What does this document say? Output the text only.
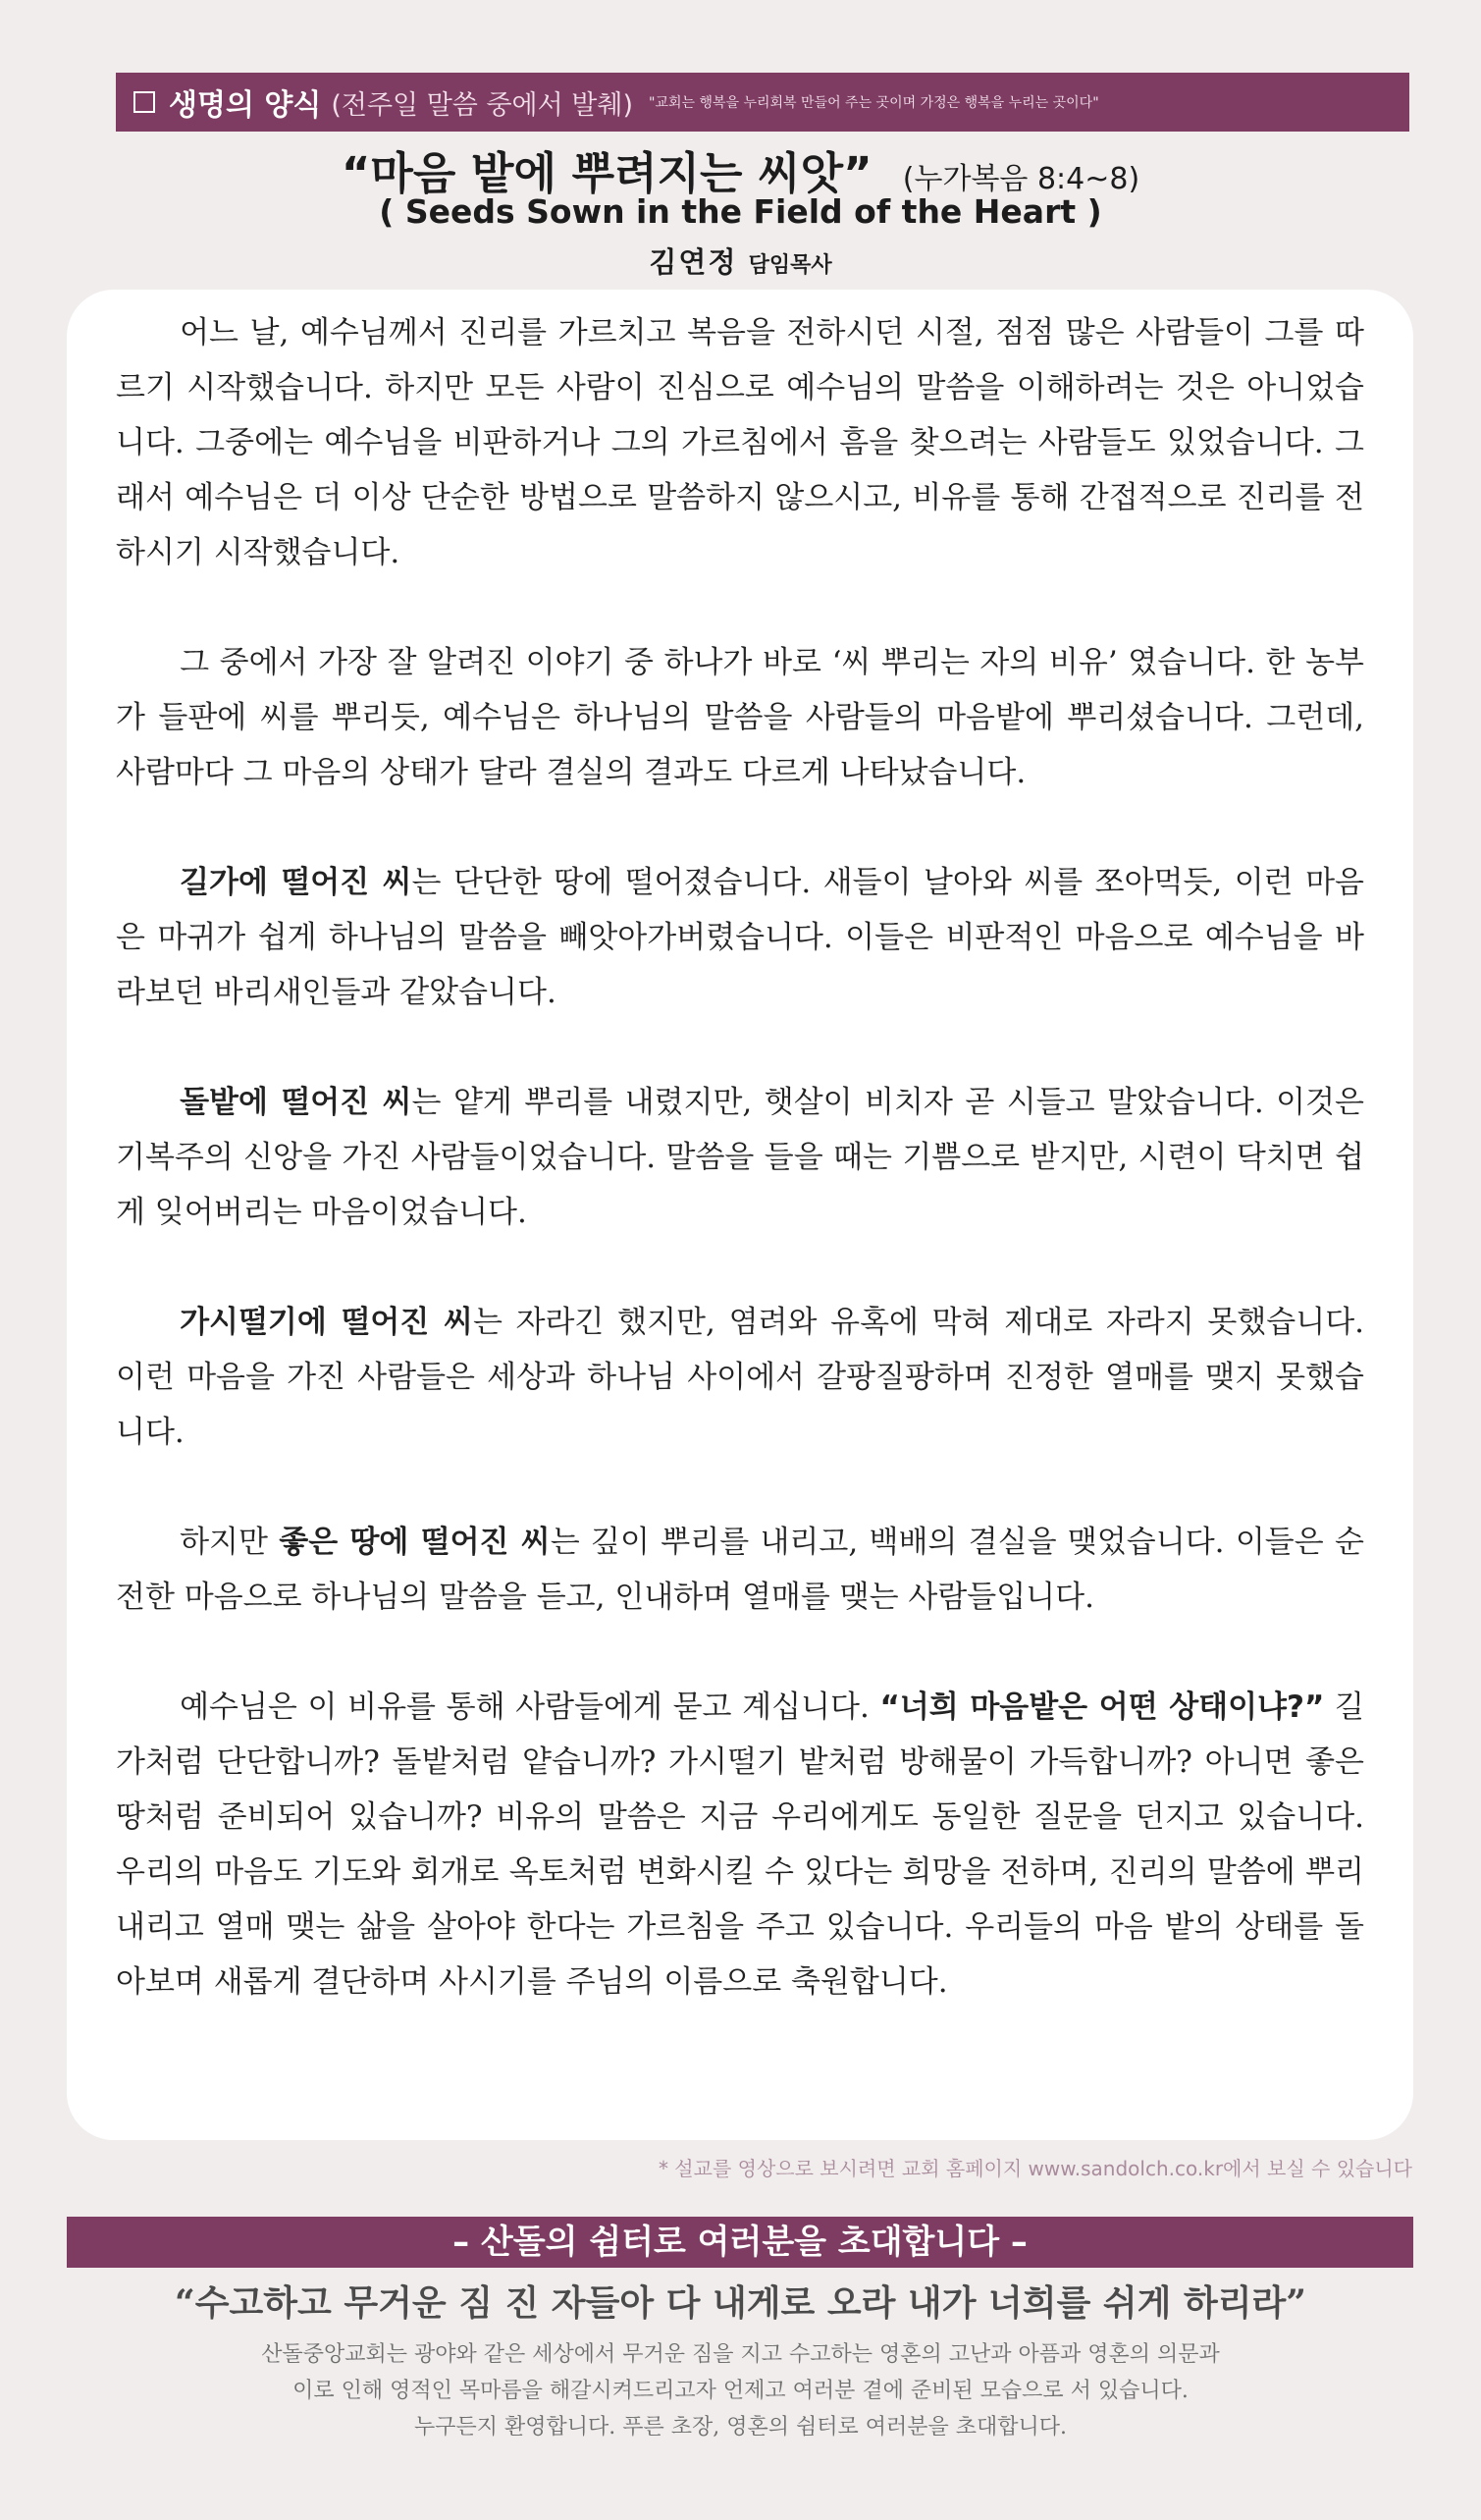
생명의 양식 (전주일 말씀 중에서 발췌) "교회는 행복을 누리회복 만들어 주는 곳이며 가정은 행복을 누리는 곳이다"
“마음 밭에 뿌려지는 씨앗” (누가복음 8:4~8)
( Seeds Sown in the Field of the Heart )
김연정 담임목사

어느 날, 예수님께서 진리를 가르치고 복음을 전하시던 시절, 점점 많은 사람들이 그를 따르기 시작했습니다. 하지만 모든 사람이 진심으로 예수님의 말씀을 이해하려는 것은 아니었습니다. 그중에는 예수님을 비판하거나 그의 가르침에서 흠을 찾으려는 사람들도 있었습니다. 그래서 예수님은 더 이상 단순한 방법으로 말씀하지 않으시고, 비유를 통해 간접적으로 진리를 전하시기 시작했습니다.

그 중에서 가장 잘 알려진 이야기 중 하나가 바로 ‘씨 뿌리는 자의 비유’ 였습니다. 한 농부가 들판에 씨를 뿌리듯, 예수님은 하나님의 말씀을 사람들의 마음밭에 뿌리셨습니다. 그런데, 사람마다 그 마음의 상태가 달라 결실의 결과도 다르게 나타났습니다.

길가에 떨어진 씨는 단단한 땅에 떨어졌습니다. 새들이 날아와 씨를 쪼아먹듯, 이런 마음은 마귀가 쉽게 하나님의 말씀을 빼앗아가버렸습니다. 이들은 비판적인 마음으로 예수님을 바라보던 바리새인들과 같았습니다.

돌밭에 떨어진 씨는 얕게 뿌리를 내렸지만, 햇살이 비치자 곧 시들고 말았습니다. 이것은 기복주의 신앙을 가진 사람들이었습니다. 말씀을 들을 때는 기쁨으로 받지만, 시련이 닥치면 쉽게 잊어버리는 마음이었습니다.

가시떨기에 떨어진 씨는 자라긴 했지만, 염려와 유혹에 막혀 제대로 자라지 못했습니다. 이런 마음을 가진 사람들은 세상과 하나님 사이에서 갈팡질팡하며 진정한 열매를 맺지 못했습니다.

하지만 좋은 땅에 떨어진 씨는 깊이 뿌리를 내리고, 백배의 결실을 맺었습니다. 이들은 순전한 마음으로 하나님의 말씀을 듣고, 인내하며 열매를 맺는 사람들입니다.

예수님은 이 비유를 통해 사람들에게 묻고 계십니다. “너희 마음밭은 어떤 상태이냐?” 길가처럼 단단합니까? 돌밭처럼 얕습니까? 가시떨기 밭처럼 방해물이 가득합니까? 아니면 좋은 땅처럼 준비되어 있습니까? 비유의 말씀은 지금 우리에게도 동일한 질문을 던지고 있습니다. 우리의 마음도 기도와 회개로 옥토처럼 변화시킬 수 있다는 희망을 전하며, 진리의 말씀에 뿌리 내리고 열매 맺는 삶을 살아야 한다는 가르침을 주고 있습니다. 우리들의 마음 밭의 상태를 돌아보며 새롭게 결단하며 사시기를 주님의 이름으로 축원합니다.

* 설교를 영상으로 보시려면 교회 홈페이지 www.sandolch.co.kr에서 보실 수 있습니다
– 산돌의 쉼터로 여러분을 초대합니다 –
“수고하고 무거운 짐 진 자들아 다 내게로 오라 내가 너희를 쉬게 하리라”
산돌중앙교회는 광야와 같은 세상에서 무거운 짐을 지고 수고하는 영혼의 고난과 아픔과 영혼의 의문과
이로 인해 영적인 목마름을 해갈시켜드리고자 언제고 여러분 곁에 준비된 모습으로 서 있습니다.
누구든지 환영합니다. 푸른 초장, 영혼의 쉼터로 여러분을 초대합니다.
